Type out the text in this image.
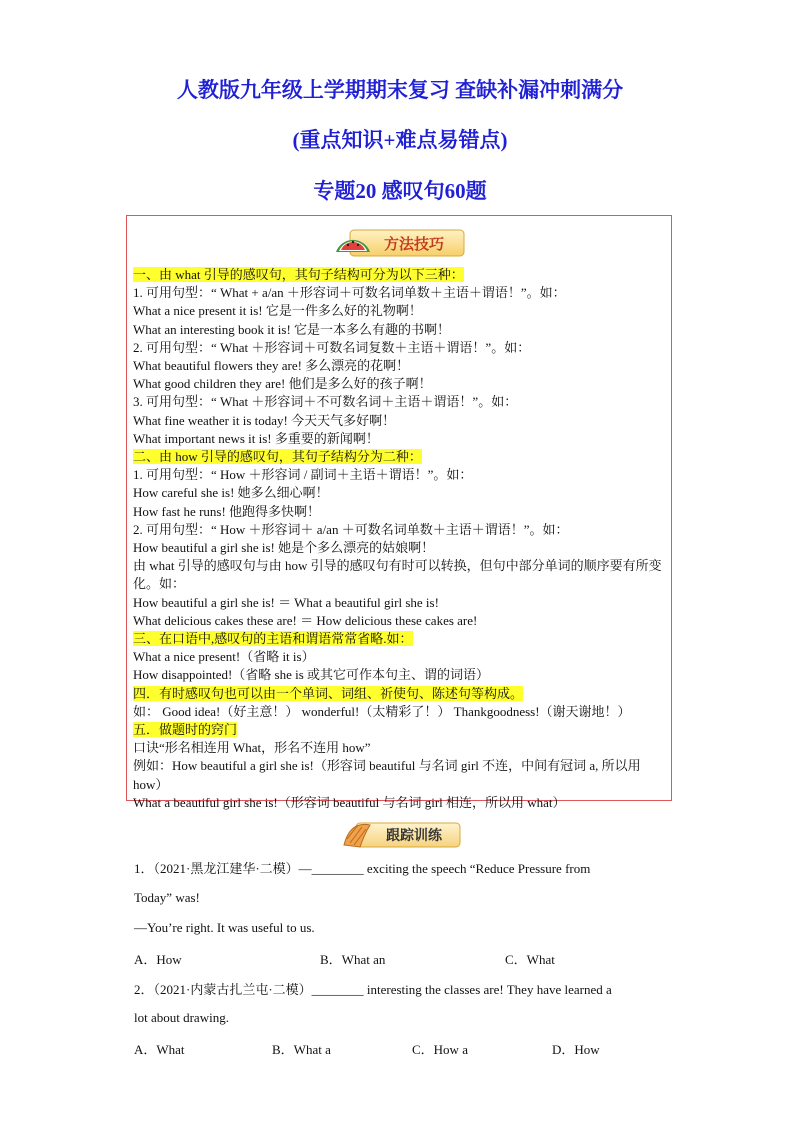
人教版九年级上学期期末复习 查缺补漏冲刺满分
(重点知识+难点易错点)
专题20 感叹句60题
方法技巧
一、由 what 引导的感叹句，其句子结构可分为以下三种：
1. 可用句型：“ What + a/an ＋形容词＋可数名词单数＋主语＋谓语！”。如：
What a nice present it is! 它是一件多么好的礼物啊！
What an interesting book it is! 它是一本多么有趣的书啊！
2. 可用句型：“ What ＋形容词＋可数名词复数＋主语＋谓语！”。如：
What beautiful flowers they are! 多么漂亮的花啊！
What good children they are! 他们是多么好的孩子啊！
3. 可用句型：“ What ＋形容词＋不可数名词＋主语＋谓语！”。如：
What fine weather it is today! 今天天气多好啊！
What important news it is! 多重要的新闻啊！
二、由 how 引导的感叹句，其句子结构分为二种：
1. 可用句型：“ How ＋形容词 / 副词＋主语＋谓语！”。如：
How careful she is! 她多么细心啊！
How fast he runs! 他跑得多快啊！
2. 可用句型：“ How ＋形容词＋ a/an ＋可数名词单数＋主语＋谓语！”。如：
How beautiful a girl she is! 她是个多么漂亮的姑娘啊！
由 what 引导的感叹句与由 how 引导的感叹句有时可以转换，但句中部分单词的顺序要有所变化。如：
How beautiful a girl she is! ＝ What a beautiful girl she is!
What delicious cakes these are! ＝ How delicious these cakes are!
三、在口语中,感叹句的主语和谓语常常省略.如：
What a nice present!（省略 it is）
How disappointed!（省略 she is 或其它可作本句主、谓的词语）
四．有时感叹句也可以由一个单词、词组、祈使句、陈述句等构成。
如： Good idea!（好主意！） wonderful!（太精彩了！） Thankgoodness!（谢天谢地！）
五．做题时的窍门
口诀“形名相连用 What，形名不连用 how”
例如：How beautiful a girl she is!（形容词 beautiful 与名词 girl 不连，中间有冠词 a, 所以用 how）
What a beautiful girl she is!（形容词 beautiful 与名词 girl 相连，所以用 what）
跟踪训练
1．（2021·黑龙江建华·二模）—________ exciting the speech “Reduce Pressure from
Today” was!
—You’re right. It was useful to us.
A．How	B．What an	C．What
2．（2021·内蒙古扎兰屯·二模）________ interesting the classes are! They have learned a
lot about drawing.
A．What	B．What a	C．How a	D．How
